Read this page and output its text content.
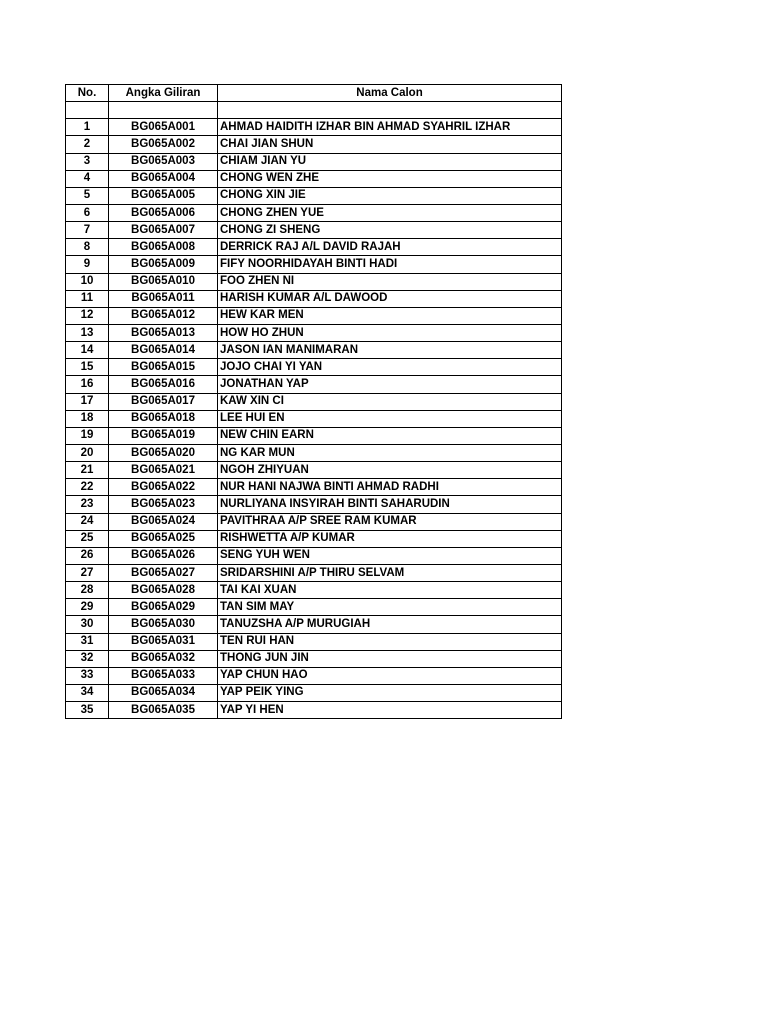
No.	Angka Giliran	Nama Calon

1	BG065A001	AHMAD HAIDITH IZHAR BIN AHMAD SYAHRIL IZHAR
2	BG065A002	CHAI JIAN SHUN
3	BG065A003	CHIAM JIAN YU
4	BG065A004	CHONG WEN ZHE
5	BG065A005	CHONG XIN JIE
6	BG065A006	CHONG ZHEN YUE
7	BG065A007	CHONG ZI SHENG
8	BG065A008	DERRICK RAJ A/L DAVID RAJAH
9	BG065A009	FIFY NOORHIDAYAH BINTI HADI
10	BG065A010	FOO ZHEN NI
11	BG065A011	HARISH KUMAR A/L DAWOOD
12	BG065A012	HEW KAR MEN
13	BG065A013	HOW HO ZHUN
14	BG065A014	JASON IAN MANIMARAN
15	BG065A015	JOJO CHAI YI YAN
16	BG065A016	JONATHAN YAP
17	BG065A017	KAW XIN CI
18	BG065A018	LEE HUI EN
19	BG065A019	NEW CHIN EARN
20	BG065A020	NG KAR MUN
21	BG065A021	NGOH ZHIYUAN
22	BG065A022	NUR HANI NAJWA BINTI AHMAD RADHI
23	BG065A023	NURLIYANA INSYIRAH BINTI SAHARUDIN
24	BG065A024	PAVITHRAA A/P SREE RAM KUMAR
25	BG065A025	RISHWETTA A/P KUMAR
26	BG065A026	SENG YUH WEN
27	BG065A027	SRIDARSHINI A/P THIRU SELVAM
28	BG065A028	TAI KAI XUAN
29	BG065A029	TAN SIM MAY
30	BG065A030	TANUZSHA A/P MURUGIAH
31	BG065A031	TEN RUI HAN
32	BG065A032	THONG JUN JIN
33	BG065A033	YAP CHUN HAO
34	BG065A034	YAP PEIK YING
35	BG065A035	YAP YI HEN
